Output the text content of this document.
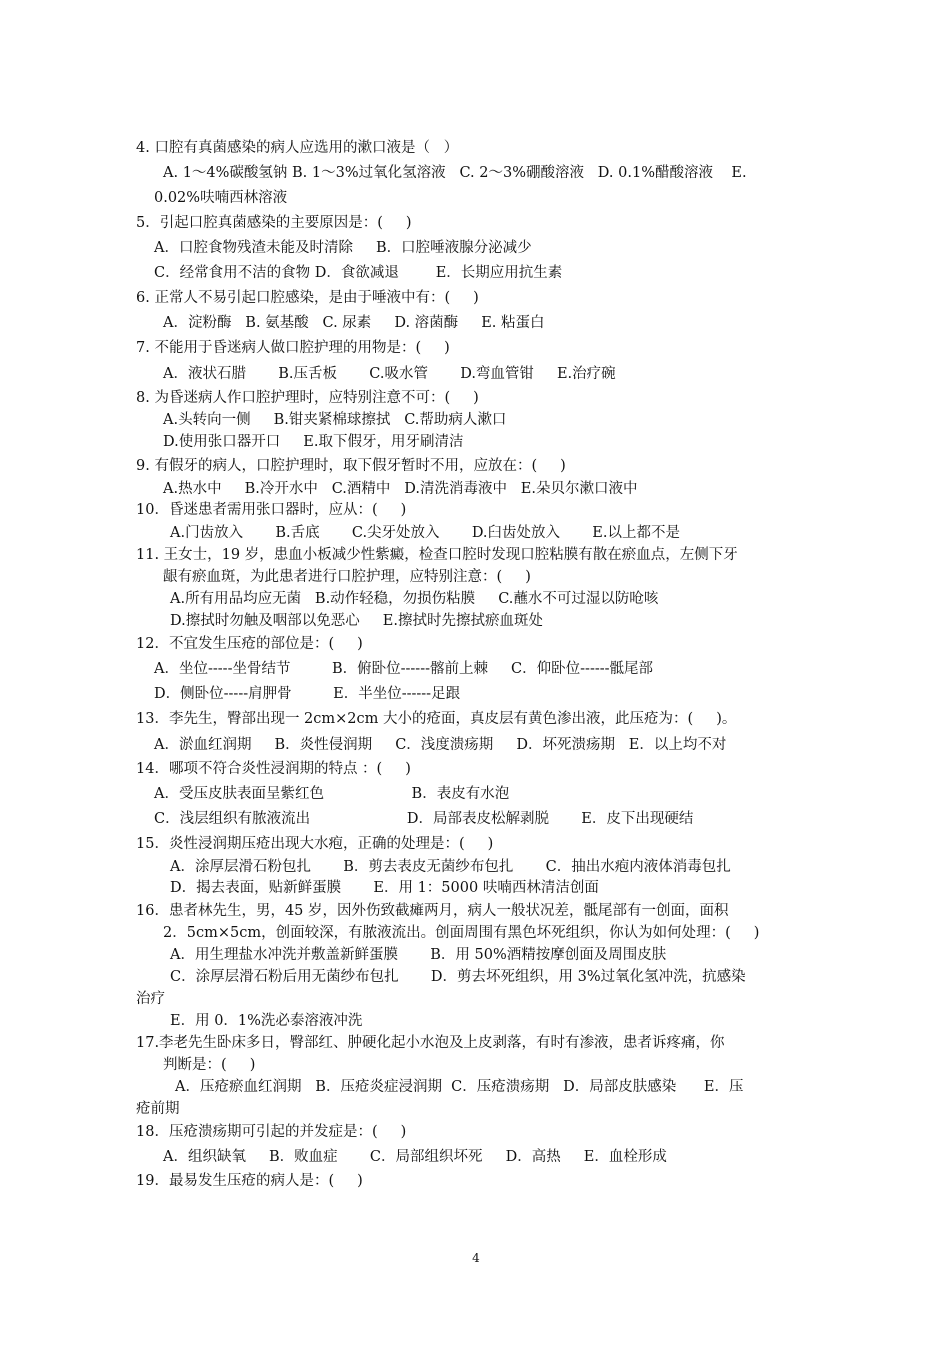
4. 口腔有真菌感染的病人应选用的漱口液是（   ）
A. 1～4%碳酸氢钠 B. 1～3%过氧化氢溶液   C. 2～3%硼酸溶液   D. 0.1%醋酸溶液    E.
0.02%呋喃西林溶液
5．引起口腔真菌感染的主要原因是：(     )
A．口腔食物残渣未能及时清除     B．口腔唾液腺分泌减少
C．经常食用不洁的食物 D．食欲减退        E．长期应用抗生素
6. 正常人不易引起口腔感染，是由于唾液中有：(     )
A．淀粉酶   B. 氨基酸   C. 尿素     D. 溶菌酶     E. 粘蛋白
7. 不能用于昏迷病人做口腔护理的用物是：(     )
A．液状石腊       B.压舌板       C.吸水管       D.弯血管钳     E.治疗碗
8. 为昏迷病人作口腔护理时，应特别注意不可：(     )
A.头转向一侧     B.钳夹紧棉球擦拭   C.帮助病人漱口
D.使用张口器开口     E.取下假牙，用牙刷清洁
9. 有假牙的病人，口腔护理时，取下假牙暂时不用，应放在：(     )
A.热水中     B.冷开水中   C.酒精中   D.清洗消毒液中   E.朵贝尔漱口液中
10．昏迷患者需用张口器时，应从：(     )
A.门齿放入       B.舌底       C.尖牙处放入       D.臼齿处放入       E.以上都不是
11. 王女士，19 岁，患血小板减少性紫癜，检查口腔时发现口腔粘膜有散在瘀血点，左侧下牙
龈有瘀血斑，为此患者进行口腔护理，应特别注意：(     )
A.所有用品均应无菌   B.动作轻稳，勿损伤粘膜     C.蘸水不可过湿以防呛咳
D.擦拭时勿触及咽部以免恶心     E.擦拭时先擦拭瘀血斑处
12．不宜发生压疮的部位是：(     )
A．坐位-----坐骨结节         B．俯卧位------髂前上棘     C．仰卧位------骶尾部
D．侧卧位-----肩胛骨         E．半坐位------足跟
13．李先生，臀部出现一 2cm×2cm 大小的疮面，真皮层有黄色渗出液，此压疮为：(     )。
A．淤血红润期     B．炎性侵润期     C．浅度溃疡期     D．坏死溃疡期   E．以上均不对
14．哪项不符合炎性浸润期的特点 ：(     )
A．受压皮肤表面呈紫红色                   B．表皮有水泡
C．浅层组织有脓液流出                     D．局部表皮松解剥脱       E．皮下出现硬结
15．炎性浸润期压疮出现大水疱，正确的处理是：(     )
A．涂厚层滑石粉包扎       B．剪去表皮无菌纱布包扎       C．抽出水疱内液体消毒包扎
D．揭去表面，贴新鲜蛋膜       E．用 1：5000 呋喃西林清洁创面
16．患者林先生，男，45 岁，因外伤致截瘫两月，病人一般状况差，骶尾部有一创面，面积
2．5cm×5cm，创面较深，有脓液流出。创面周围有黑色坏死组织，你认为如何处理：(     )
A．用生理盐水冲洗并敷盖新鲜蛋膜       B．用 50%酒精按摩创面及周围皮肤
C．涂厚层滑石粉后用无菌纱布包扎       D．剪去坏死组织，用 3%过氧化氢冲洗，抗感染
治疗
E．用 0．1%洗必泰溶液冲洗
17.李老先生卧床多日，臀部红、肿硬化起小水泡及上皮剥落，有时有渗液，患者诉疼痛，你
判断是：(     )
A．压疮瘀血红润期   B．压疮炎症浸润期  C．压疮溃疡期   D．局部皮肤感染      E．压
疮前期
18．压疮溃疡期可引起的并发症是：(     )
A．组织缺氧     B．败血症       C．局部组织坏死     D．高热     E．血栓形成
19．最易发生压疮的病人是：(     )
4
